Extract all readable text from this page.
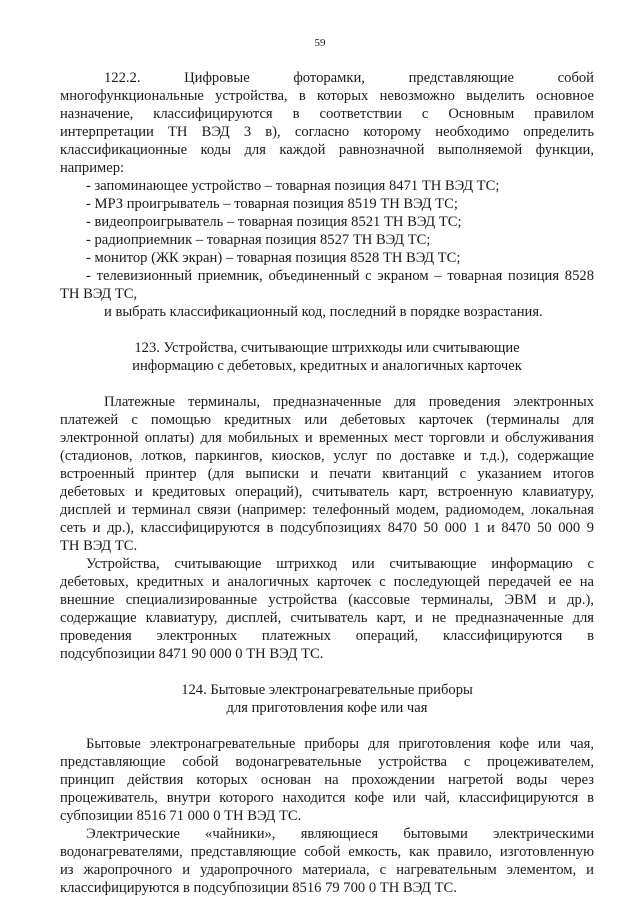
59
122.2. Цифровые фоторамки, представляющие собой
многофункциональные устройства, в которых невозможно выделить основное
назначение, классифицируются в соответствии с Основным правилом
интерпретации ТН ВЭД 3 в), согласно которому необходимо определить
классификационные коды для каждой равнозначной выполняемой функции,
например:
- запоминающее устройство – товарная позиция 8471 ТН ВЭД ТС;
- МРЗ проигрыватель – товарная позиция 8519 ТН ВЭД ТС;
- видеопроигрыватель – товарная позиция 8521 ТН ВЭД ТС;
- радиоприемник – товарная позиция 8527 ТН ВЭД ТС;
- монитор (ЖК экран) – товарная позиция 8528 ТН ВЭД ТС;
- телевизионный приемник, объединенный с экраном – товарная позиция 8528
ТН ВЭД ТС,
и выбрать классификационный код, последний в порядке возрастания.
123. Устройства, считывающие штрихкоды или считывающие
информацию с дебетовых, кредитных и аналогичных карточек
Платежные терминалы, предназначенные для проведения электронных
платежей с помощью кредитных или дебетовых карточек (терминалы для
электронной оплаты) для мобильных и временных мест торговли и обслуживания
(стадионов, лотков, паркингов, киосков, услуг по доставке и т.д.), содержащие
встроенный принтер (для выписки и печати квитанций с указанием итогов
дебетовых и кредитовых операций), считыватель карт, встроенную клавиатуру,
дисплей и терминал связи (например: телефонный модем, радиомодем, локальная
сеть и др.), классифицируются в подсубпозициях 8470 50 000 1 и 8470 50 000 9
ТН ВЭД ТС.
Устройства, считывающие штрихкод или считывающие информацию с
дебетовых, кредитных и аналогичных карточек с последующей передачей ее на
внешние специализированные устройства (кассовые терминалы, ЭВМ и др.),
содержащие клавиатуру, дисплей, считыватель карт, и не предназначенные для
проведения электронных платежных операций, классифицируются в
подсубпозиции 8471 90 000 0 ТН ВЭД ТС.
124. Бытовые электронагревательные приборы
для приготовления кофе или чая
Бытовые электронагревательные приборы для приготовления кофе или чая,
представляющие собой водонагревательные устройства с процеживателем,
принцип действия которых основан на прохождении нагретой воды через
процеживатель, внутри которого находится кофе или чай, классифицируются в
субпозиции 8516 71 000 0 ТН ВЭД ТС.
Электрические «чайники», являющиеся бытовыми электрическими
водонагревателями, представляющие собой емкость, как правило, изготовленную
из жаропрочного и ударопрочного материала, с нагревательным элементом, и
классифицируются в подсубпозиции 8516 79 700 0 ТН ВЭД ТС.
